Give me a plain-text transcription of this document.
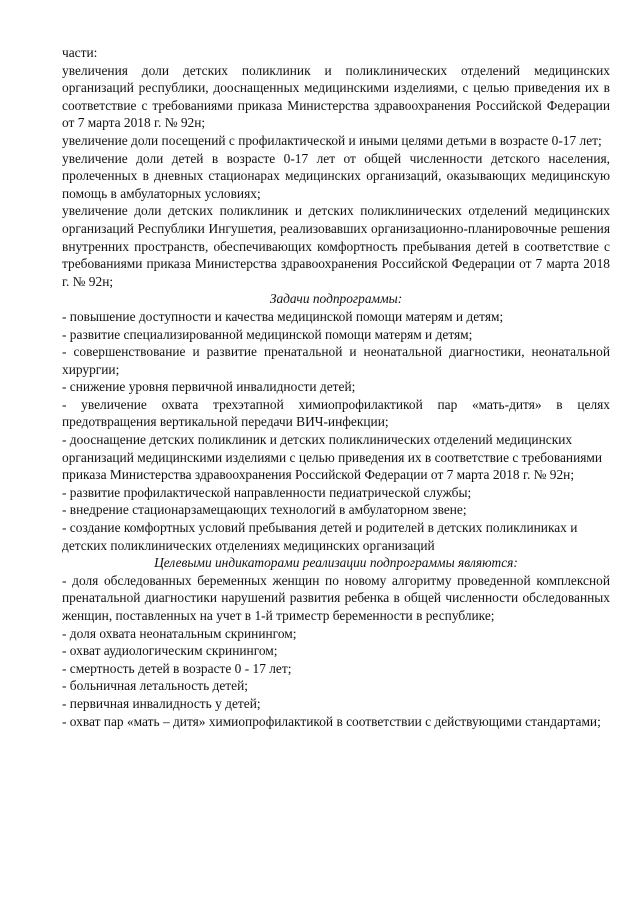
части:

увеличения доли детских поликлиник и поликлинических отделений медицинских организаций республики, дооснащенных медицинскими изделиями, с целью приведения их в соответствие с требованиями приказа Министерства здравоохранения Российской Федерации от 7 марта 2018 г. № 92н;

увеличение доли посещений с профилактической и иными целями детьми в возрасте 0-17 лет;

увеличение доли детей в возрасте 0-17 лет от общей численности детского населения, пролеченных в дневных стационарах медицинских организаций, оказывающих медицинскую помощь в амбулаторных условиях;

увеличение доли детских поликлиник и детских поликлинических отделений медицинских организаций Республики Ингушетия, реализовавших организационно-планировочные решения внутренних пространств, обеспечивающих комфортность пребывания детей в соответствие с требованиями приказа Министерства здравоохранения Российской Федерации от 7 марта 2018 г. № 92н;

Задачи подпрограммы:

- повышение доступности и качества медицинской помощи матерям и детям;

- развитие специализированной медицинской помощи матерям и детям;

- совершенствование и развитие пренатальной и неонатальной диагностики, неонатальной хирургии;

- снижение уровня первичной инвалидности детей;

- увеличение охвата трехэтапной химиопрофилактикой пар «мать-дитя» в целях предотвращения вертикальной передачи ВИЧ-инфекции;

- дооснащение детских поликлиник и детских поликлинических отделений медицинских организаций медицинскими изделиями с целью приведения их в соответствие с требованиями приказа Министерства здравоохранения Российской Федерации от 7 марта 2018 г. № 92н;

- развитие профилактической направленности педиатрической службы;

- внедрение стационарзамещающих технологий в амбулаторном звене;

- создание комфортных условий пребывания детей и родителей в детских поликлиниках и детских поликлинических отделениях медицинских организаций

Целевыми индикаторами реализации подпрограммы являются:

- доля обследованных беременных женщин по новому алгоритму проведенной комплексной пренатальной диагностики нарушений развития ребенка в общей численности обследованных женщин, поставленных на учет в 1-й триместр беременности в республике;

- доля охвата неонатальным скринингом;

- охват аудиологическим скринингом;

- смертность детей в возрасте 0 - 17 лет;

- больничная летальность детей;

- первичная инвалидность у детей;

- охват пар «мать – дитя» химиопрофилактикой в соответствии с действующими стандартами;
